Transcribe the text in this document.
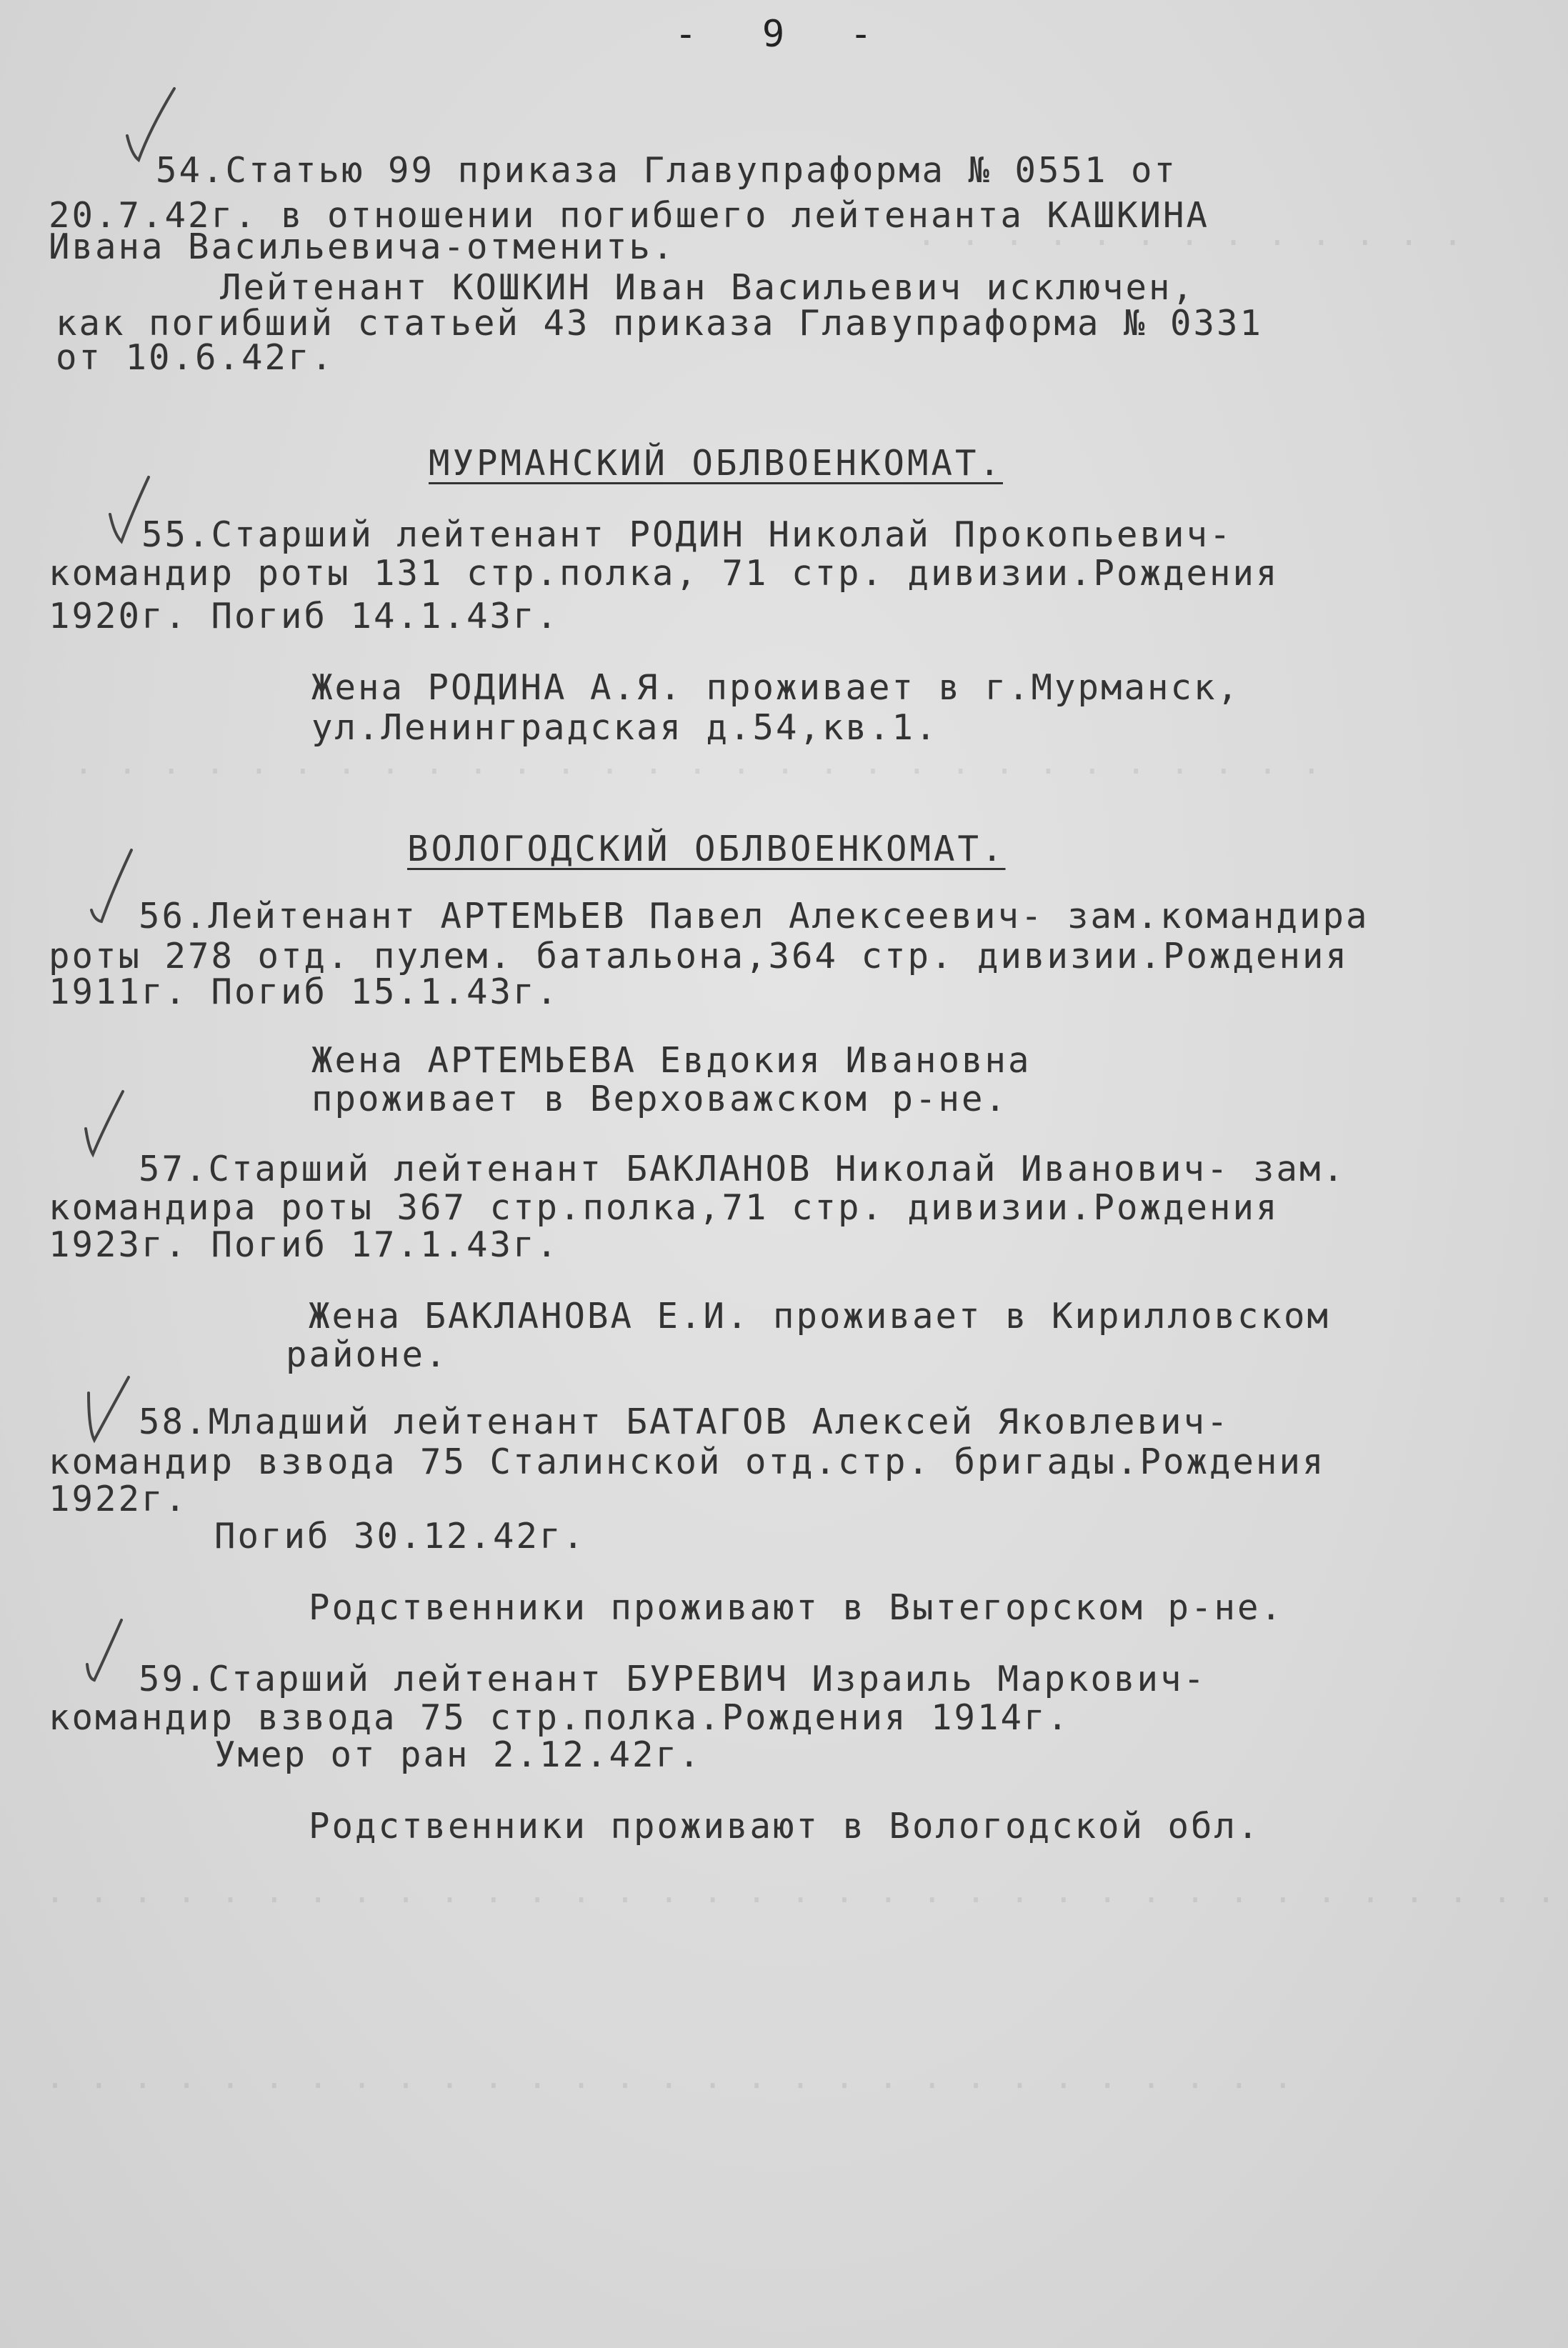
. . . . . . . . . . . . .
. . . . . . . . . . . . . . . . . . . . . . . . . . . . .
. . . . . . . . . . . . . . . . . . . . . . . . . . . . . . . . . . .
. . . . . . . . . . . . . . . . . . . . . . . . . . . . .
- 9 -
54.Статью 99 приказа Главупраформа № 0551 от
20.7.42г. в отношении погибшего лейтенанта КАШКИНА
Ивана Васильевича-отменить.
Лейтенант КОШКИН Иван Васильевич исключен,
как погибший статьей 43 приказа Главупраформа № 0331
от 10.6.42г.
МУРМАНСКИЙ ОБЛВОЕНКОМАТ.
55.Старший лейтенант РОДИН Николай Прокопьевич-
командир роты 131 стр.полка, 71 стр. дивизии.Рождения
1920г. Погиб 14.1.43г.
Жена РОДИНА А.Я. проживает в г.Мурманск,
ул.Ленинградская д.54,кв.1.
ВОЛОГОДСКИЙ ОБЛВОЕНКОМАТ.
56.Лейтенант АРТЕМЬЕВ Павел Алексеевич- зам.командира
роты 278 отд. пулем. батальона,364 стр. дивизии.Рождения
1911г. Погиб 15.1.43г.
Жена АРТЕМЬЕВА Евдокия Ивановна
проживает в Верховажском р-не.
57.Старший лейтенант БАКЛАНОВ Николай Иванович- зам.
командира роты 367 стр.полка,71 стр. дивизии.Рождения
1923г. Погиб 17.1.43г.
Жена БАКЛАНОВА Е.И. проживает в Кирилловском
районе.
58.Младший лейтенант БАТАГОВ Алексей Яковлевич-
командир взвода 75 Сталинской отд.стр. бригады.Рождения
1922г.
Погиб 30.12.42г.
Родственники проживают в Вытегорском р-не.
59.Старший лейтенант БУРЕВИЧ Израиль Маркович-
командир взвода 75 стр.полка.Рождения 1914г.
Умер от ран 2.12.42г.
Родственники проживают в Вологодской обл.
